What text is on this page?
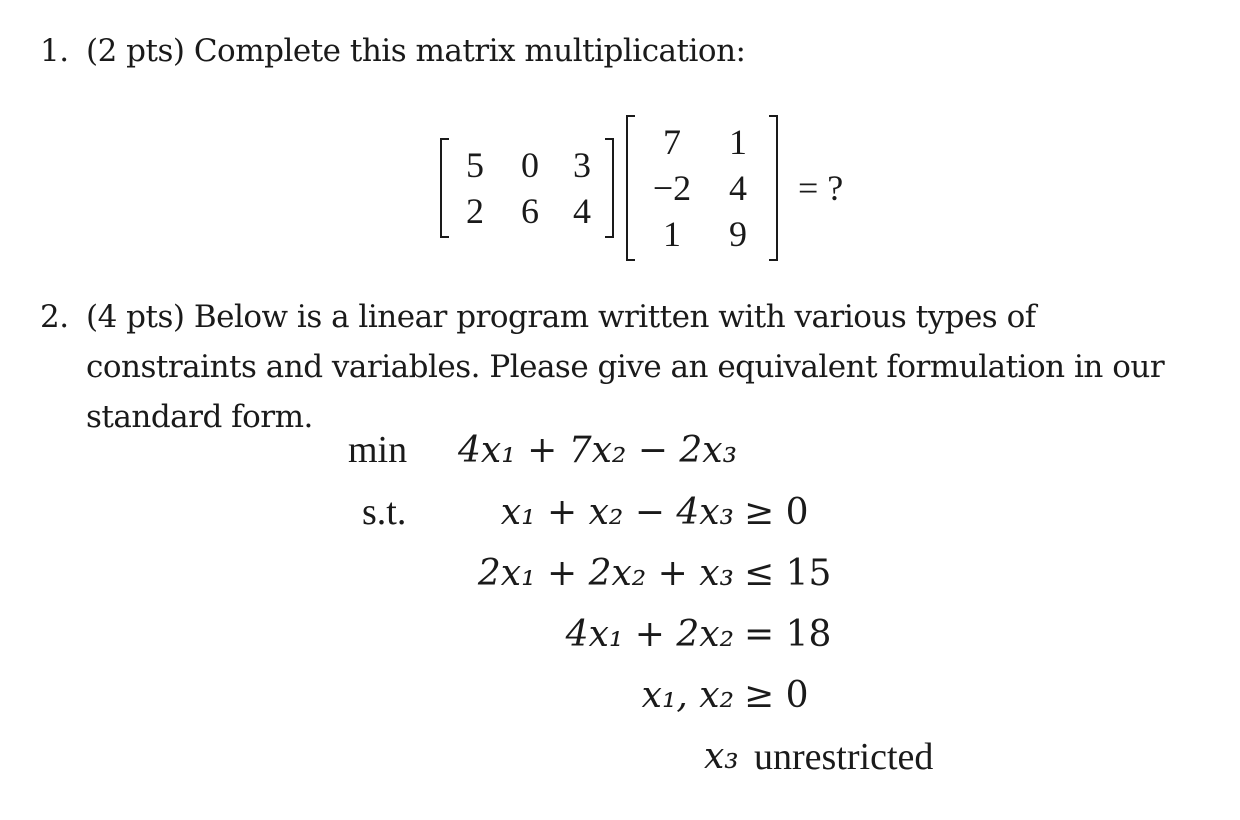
1. (2 pts) Complete this matrix multiplication:
5	0 3
2	6 4
7	1
−2	4
1	9
= ?
2. (4 pts) Below is a linear program written with various types of constraints and variables. Please give an equivalent formulation in our standard form.
min 4x₁ + 7x₂ − 2x₃
s.t.	x₁ + x₂ − 4x₃ ≥ 0
2x₁ + 2x₂ + x₃ ≤ 15
4x₁ + 2x₂ = 18
x₁, x₂ ≥ 0
x₃ unrestricted
